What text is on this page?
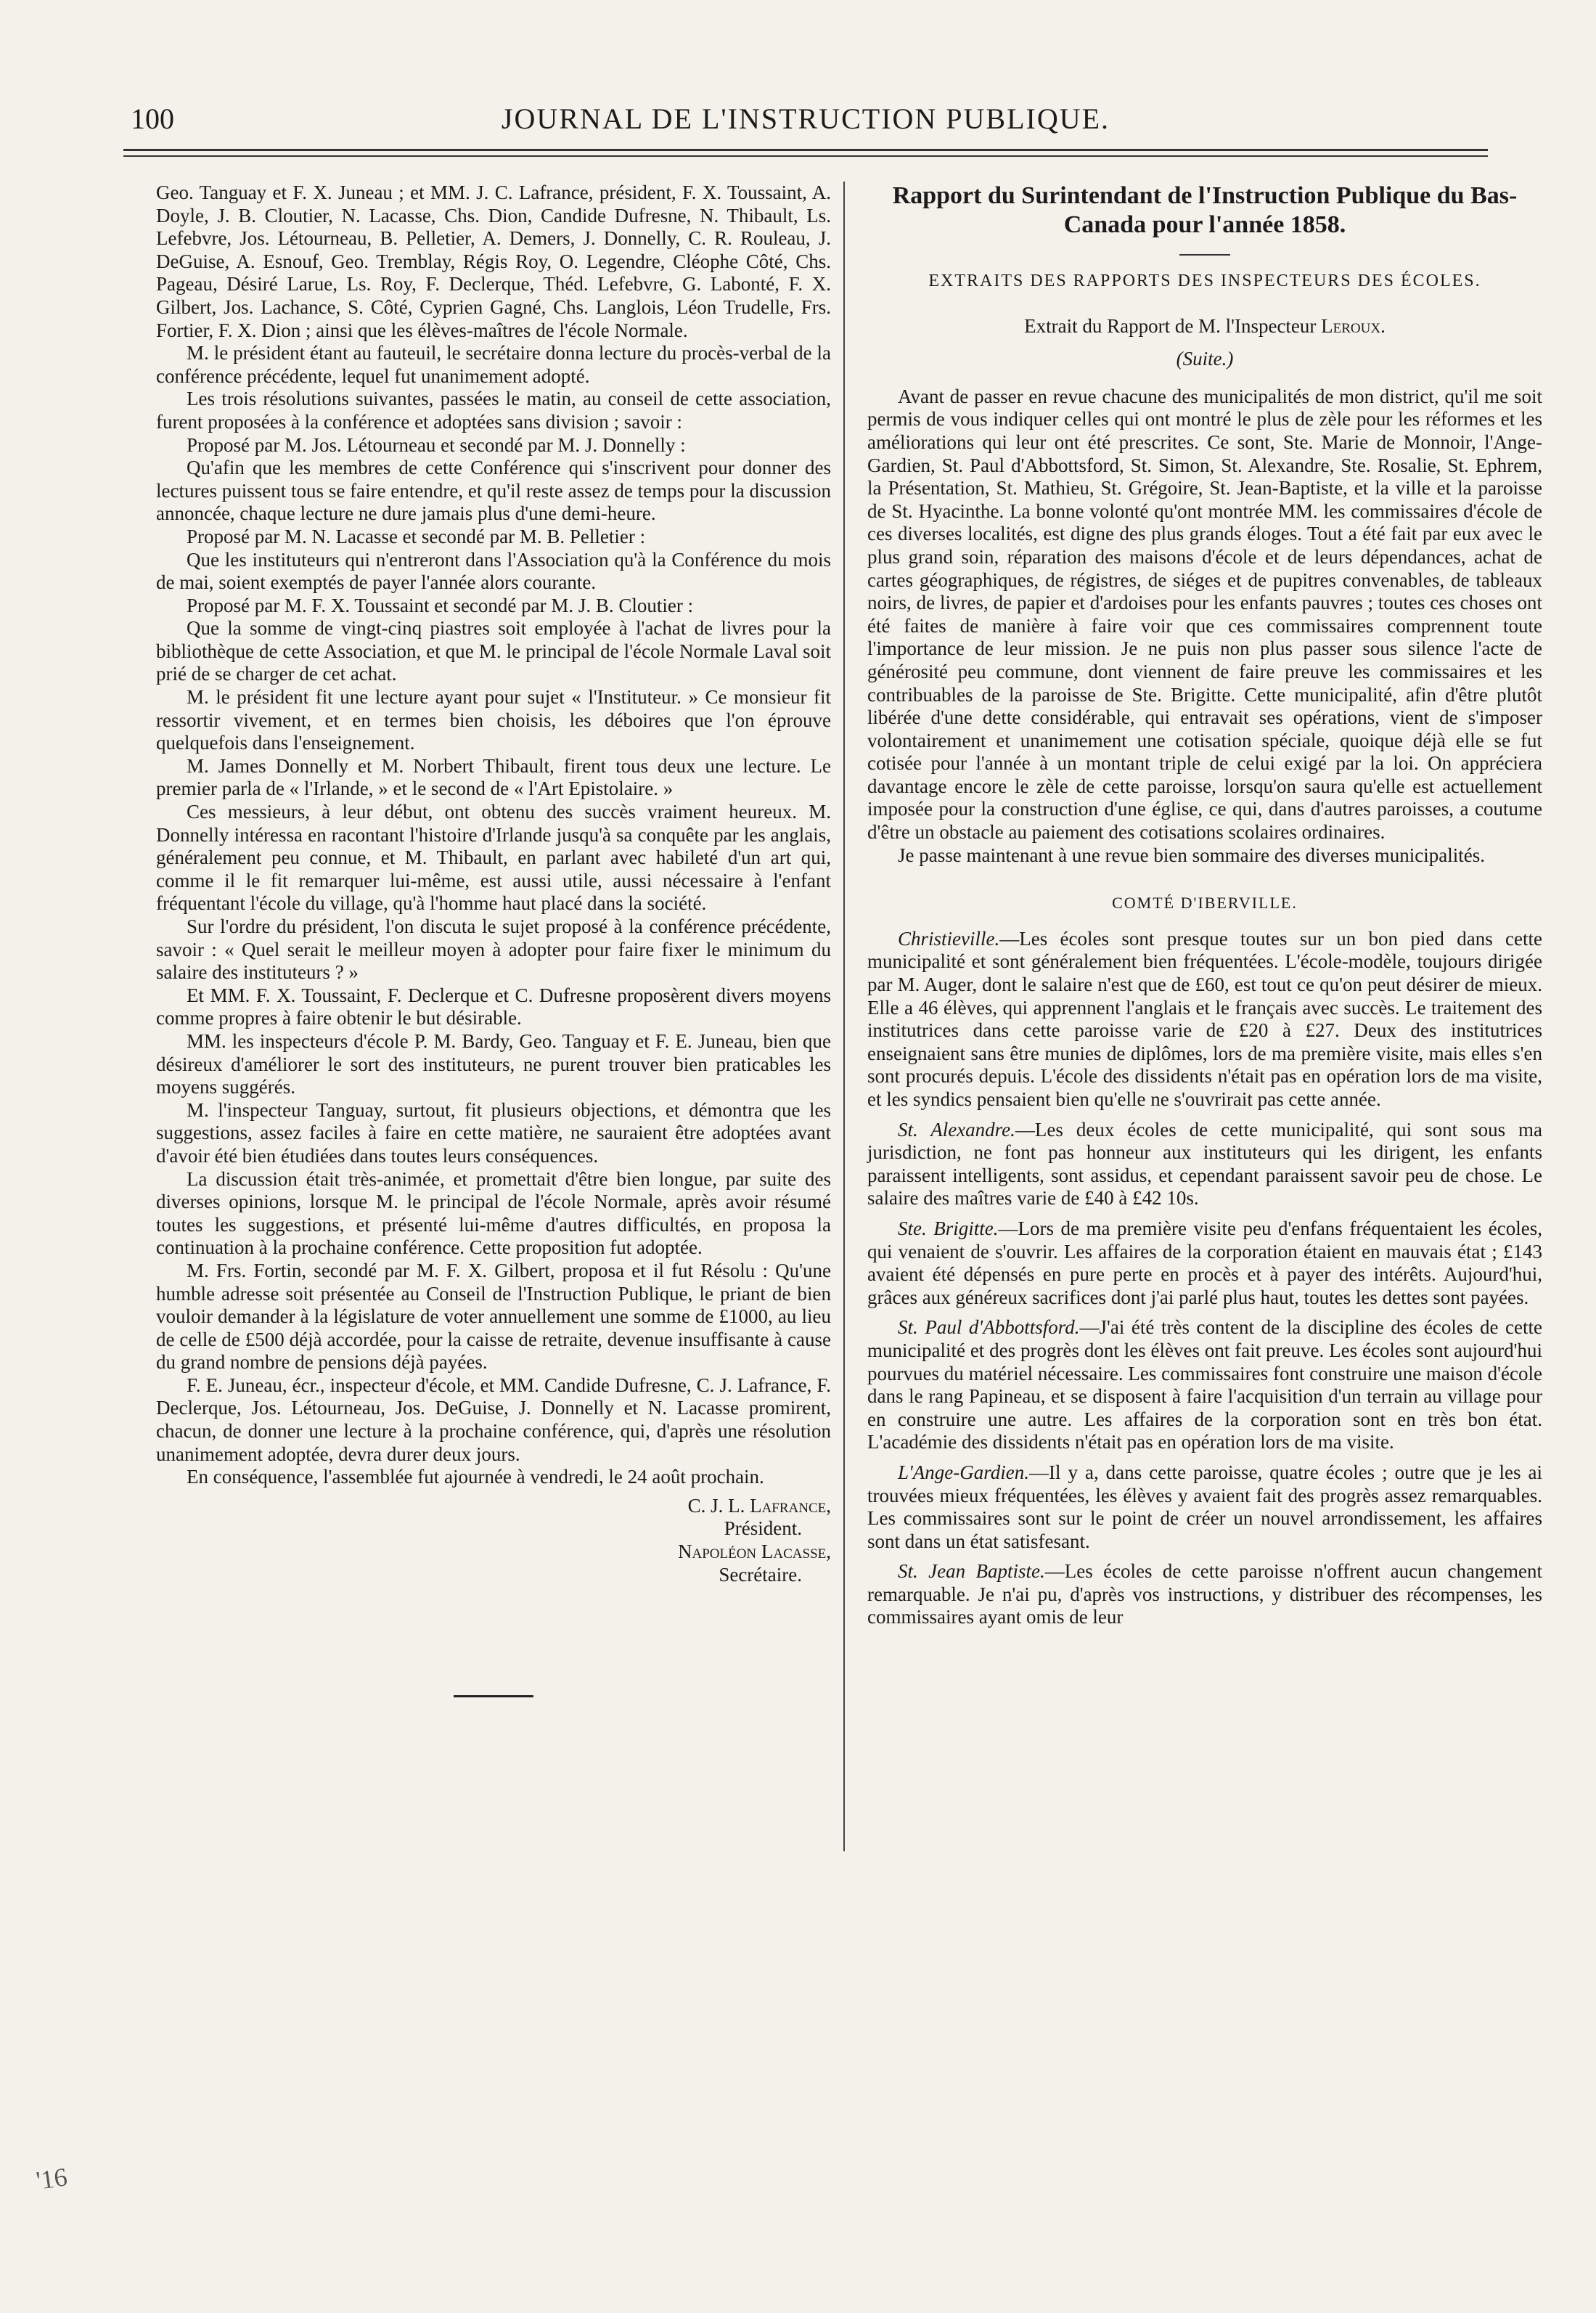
100	JOURNAL DE L'INSTRUCTION PUBLIQUE.

Geo. Tanguay et F. X. Juneau ; et MM. J. C. Lafrance, président, F. X. Toussaint, A. Doyle, J. B. Cloutier, N. Lacasse, Chs. Dion, Candide Dufresne, N. Thibault, Ls. Lefebvre, Jos. Létourneau, B. Pelletier, A. Demers, J. Donnelly, C. R. Rouleau, J. DeGuise, A. Esnouf, Geo. Tremblay, Régis Roy, O. Legendre, Cléophe Côté, Chs. Pageau, Désiré Larue, Ls. Roy, F. Declerque, Théd. Lefebvre, G. Labonté, F. X. Gilbert, Jos. Lachance, S. Côté, Cyprien Gagné, Chs. Langlois, Léon Trudelle, Frs. Fortier, F. X. Dion ; ainsi que les élèves-maîtres de l'école Normale.

M. le président étant au fauteuil, le secrétaire donna lecture du procès-verbal de la conférence précédente, lequel fut unanimement adopté.

Les trois résolutions suivantes, passées le matin, au conseil de cette association, furent proposées à la conférence et adoptées sans division ; savoir :

Proposé par M. Jos. Létourneau et secondé par M. J. Donnelly :

Qu'afin que les membres de cette Conférence qui s'inscrivent pour donner des lectures puissent tous se faire entendre, et qu'il reste assez de temps pour la discussion annoncée, chaque lecture ne dure jamais plus d'une demi-heure.

Proposé par M. N. Lacasse et secondé par M. B. Pelletier :

Que les instituteurs qui n'entreront dans l'Association qu'à la Conférence du mois de mai, soient exemptés de payer l'année alors courante.

Proposé par M. F. X. Toussaint et secondé par M. J. B. Cloutier :

Que la somme de vingt-cinq piastres soit employée à l'achat de livres pour la bibliothèque de cette Association, et que M. le principal de l'école Normale Laval soit prié de se charger de cet achat.

M. le président fit une lecture ayant pour sujet « l'Instituteur. » Ce monsieur fit ressortir vivement, et en termes bien choisis, les déboires que l'on éprouve quelquefois dans l'enseignement.

M. James Donnelly et M. Norbert Thibault, firent tous deux une lecture. Le premier parla de « l'Irlande, » et le second de « l'Art Epistolaire. »

Ces messieurs, à leur début, ont obtenu des succès vraiment heureux. M. Donnelly intéressa en racontant l'histoire d'Irlande jusqu'à sa conquête par les anglais, généralement peu connue, et M. Thibault, en parlant avec habileté d'un art qui, comme il le fit remarquer lui-même, est aussi utile, aussi nécessaire à l'enfant fréquentant l'école du village, qu'à l'homme haut placé dans la société.

Sur l'ordre du président, l'on discuta le sujet proposé à la conférence précédente, savoir : « Quel serait le meilleur moyen à adopter pour faire fixer le minimum du salaire des instituteurs ? »

Et MM. F. X. Toussaint, F. Declerque et C. Dufresne proposèrent divers moyens comme propres à faire obtenir le but désirable.

MM. les inspecteurs d'école P. M. Bardy, Geo. Tanguay et F. E. Juneau, bien que désireux d'améliorer le sort des instituteurs, ne purent trouver bien praticables les moyens suggérés.

M. l'inspecteur Tanguay, surtout, fit plusieurs objections, et démontra que les suggestions, assez faciles à faire en cette matière, ne sauraient être adoptées avant d'avoir été bien étudiées dans toutes leurs conséquences.

La discussion était très-animée, et promettait d'être bien longue, par suite des diverses opinions, lorsque M. le principal de l'école Normale, après avoir résumé toutes les suggestions, et présenté lui-même d'autres difficultés, en proposa la continuation à la prochaine conférence. Cette proposition fut adoptée.

M. Frs. Fortin, secondé par M. F. X. Gilbert, proposa et il fut Résolu : Qu'une humble adresse soit présentée au Conseil de l'Instruction Publique, le priant de bien vouloir demander à la législature de voter annuellement une somme de £1000, au lieu de celle de £500 déjà accordée, pour la caisse de retraite, devenue insuffisante à cause du grand nombre de pensions déjà payées.

F. E. Juneau, écr., inspecteur d'école, et MM. Candide Dufresne, C. J. Lafrance, F. Declerque, Jos. Létourneau, Jos. DeGuise, J. Donnelly et N. Lacasse promirent, chacun, de donner une lecture à la prochaine conférence, qui, d'après une résolution unanimement adoptée, devra durer deux jours.

En conséquence, l'assemblée fut ajournée à vendredi, le 24 août prochain.

C. J. L. Lafrance,
Président.
Napoléon Lacasse,
Secrétaire.
Rapport du Surintendant de l'Instruction Publique du Bas-Canada pour l'année 1858.
EXTRAITS DES RAPPORTS DES INSPECTEURS DES ÉCOLES.
Extrait du Rapport de M. l'Inspecteur Leroux.
(Suite.)

Avant de passer en revue chacune des municipalités de mon district, qu'il me soit permis de vous indiquer celles qui ont montré le plus de zèle pour les réformes et les améliorations qui leur ont été prescrites. Ce sont, Ste. Marie de Monnoir, l'Ange-Gardien, St. Paul d'Abbottsford, St. Simon, St. Alexandre, Ste. Rosalie, St. Ephrem, la Présentation, St. Mathieu, St. Grégoire, St. Jean-Baptiste, et la ville et la paroisse de St. Hyacinthe. La bonne volonté qu'ont montrée MM. les commissaires d'école de ces diverses localités, est digne des plus grands éloges. Tout a été fait par eux avec le plus grand soin, réparation des maisons d'école et de leurs dépendances, achat de cartes géographiques, de régistres, de siéges et de pupitres convenables, de tableaux noirs, de livres, de papier et d'ardoises pour les enfants pauvres ; toutes ces choses ont été faites de manière à faire voir que ces commissaires comprennent toute l'importance de leur mission. Je ne puis non plus passer sous silence l'acte de générosité peu commune, dont viennent de faire preuve les commissaires et les contribuables de la paroisse de Ste. Brigitte. Cette municipalité, afin d'être plutôt libérée d'une dette considérable, qui entravait ses opérations, vient de s'imposer volontairement et unanimement une cotisation spéciale, quoique déjà elle se fut cotisée pour l'année à un montant triple de celui exigé par la loi. On appréciera davantage encore le zèle de cette paroisse, lorsqu'on saura qu'elle est actuellement imposée pour la construction d'une église, ce qui, dans d'autres paroisses, a coutume d'être un obstacle au paiement des cotisations scolaires ordinaires.

Je passe maintenant à une revue bien sommaire des diverses municipalités.

COMTÉ D'IBERVILLE.

Christieville.—Les écoles sont presque toutes sur un bon pied dans cette municipalité et sont généralement bien fréquentées. L'école-modèle, toujours dirigée par M. Auger, dont le salaire n'est que de £60, est tout ce qu'on peut désirer de mieux. Elle a 46 élèves, qui apprennent l'anglais et le français avec succès. Le traitement des institutrices dans cette paroisse varie de £20 à £27. Deux des institutrices enseignaient sans être munies de diplômes, lors de ma première visite, mais elles s'en sont procurés depuis. L'école des dissidents n'était pas en opération lors de ma visite, et les syndics pensaient bien qu'elle ne s'ouvrirait pas cette année.

St. Alexandre.—Les deux écoles de cette municipalité, qui sont sous ma jurisdiction, ne font pas honneur aux instituteurs qui les dirigent, les enfants paraissent intelligents, sont assidus, et cependant paraissent savoir peu de chose. Le salaire des maîtres varie de £40 à £42 10s.

Ste. Brigitte.—Lors de ma première visite peu d'enfans fréquentaient les écoles, qui venaient de s'ouvrir. Les affaires de la corporation étaient en mauvais état ; £143 avaient été dépensés en pure perte en procès et à payer des intérêts. Aujourd'hui, grâces aux généreux sacrifices dont j'ai parlé plus haut, toutes les dettes sont payées.

St. Paul d'Abbottsford.—J'ai été très content de la discipline des écoles de cette municipalité et des progrès dont les élèves ont fait preuve. Les écoles sont aujourd'hui pourvues du matériel nécessaire. Les commissaires font construire une maison d'école dans le rang Papineau, et se disposent à faire l'acquisition d'un terrain au village pour en construire une autre. Les affaires de la corporation sont en très bon état. L'académie des dissidents n'était pas en opération lors de ma visite.

L'Ange-Gardien.—Il y a, dans cette paroisse, quatre écoles ; outre que je les ai trouvées mieux fréquentées, les élèves y avaient fait des progrès assez remarquables. Les commissaires sont sur le point de créer un nouvel arrondissement, les affaires sont dans un état satisfesant.

St. Jean Baptiste.—Les écoles de cette paroisse n'offrent aucun changement remarquable. Je n'ai pu, d'après vos instructions, y distribuer des récompenses, les commissaires ayant omis de leur

'16
